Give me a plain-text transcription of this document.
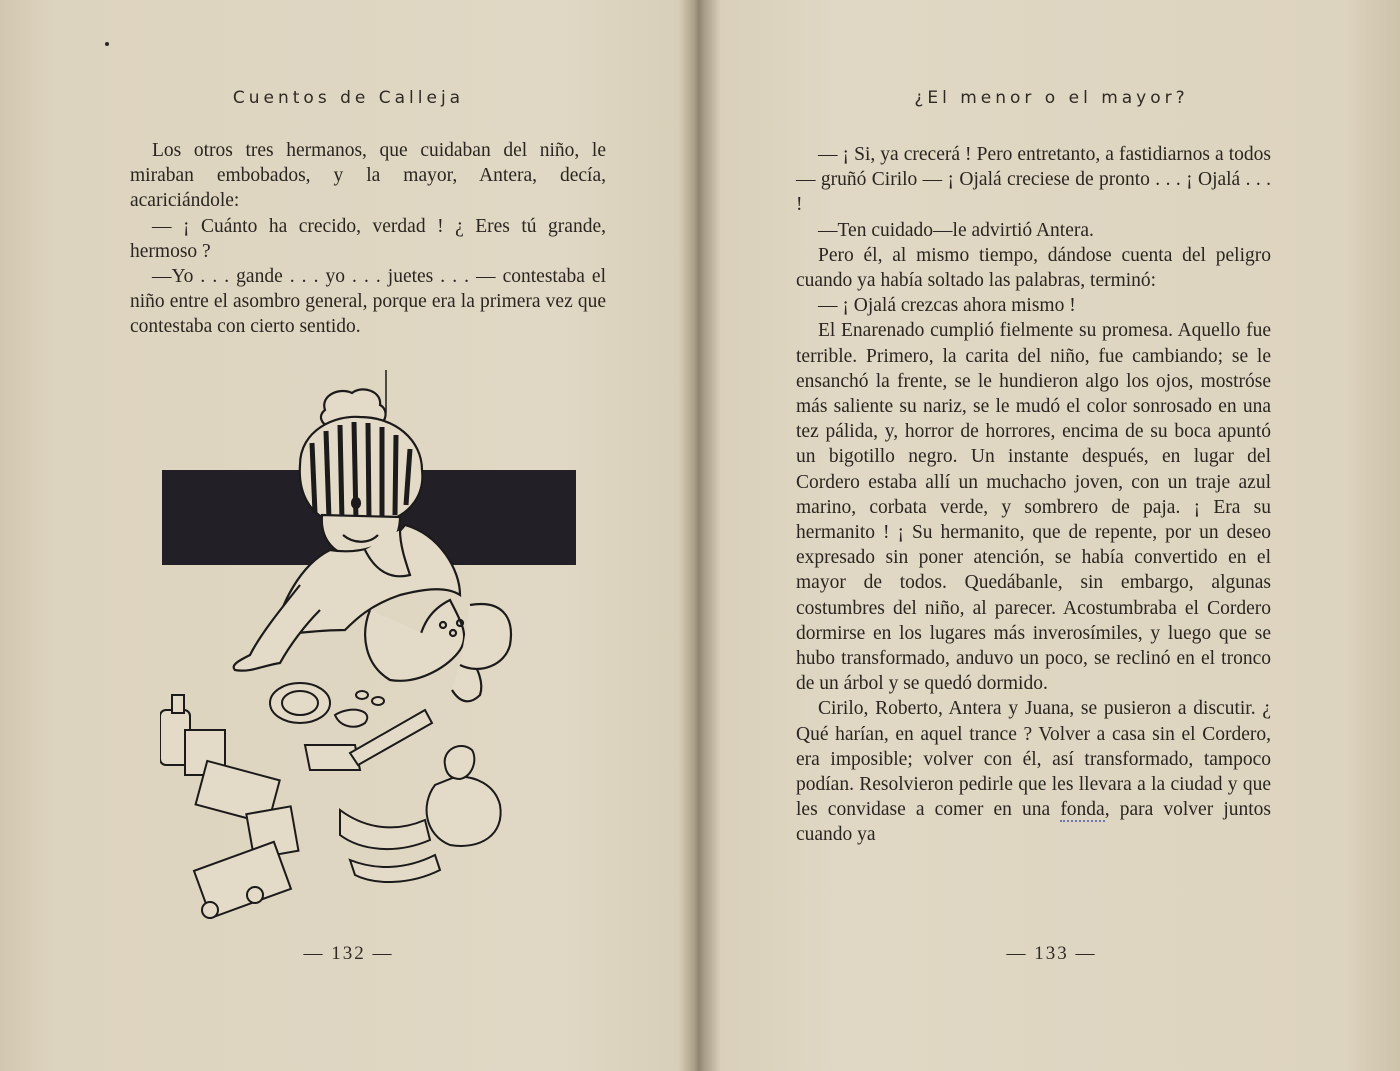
Cuentos de Calleja

Los otros tres hermanos, que cuidaban del niño, le miraban embobados, y la mayor, Antera, decía, acariciándole:

— ¡ Cuánto ha crecido, verdad ! ¿ Eres tú grande, hermoso ?

—Yo . . . gande . . . yo . . . juetes . . . — contestaba el niño entre el asombro general, porque era la primera vez que contestaba con cierto sentido.

— 132 —
¿El menor o el mayor?

— ¡ Si, ya crecerá ! Pero entretanto, a fastidiarnos a todos — gruñó Cirilo — ¡ Ojalá creciese de pronto . . . ¡ Ojalá . . . !

—Ten cuidado—le advirtió Antera.

Pero él, al mismo tiempo, dándose cuenta del peligro cuando ya había soltado las palabras, terminó:

— ¡ Ojalá crezcas ahora mismo !

El Enarenado cumplió fielmente su promesa. Aquello fue terrible. Primero, la carita del niño, fue cambiando; se le ensanchó la frente, se le hundieron algo los ojos, mostróse más saliente su nariz, se le mudó el color sonrosado en una tez pálida, y, horror de horrores, encima de su boca apuntó un bigotillo negro. Un instante después, en lugar del Cordero estaba allí un muchacho joven, con un traje azul marino, corbata verde, y sombrero de paja. ¡ Era su hermanito ! ¡ Su hermanito, que de repente, por un deseo expresado sin poner atención, se había convertido en el mayor de todos. Quedábanle, sin embargo, algunas costumbres del niño, al parecer. Acostumbraba el Cordero dormirse en los lugares más inverosímiles, y luego que se hubo transformado, anduvo un poco, se reclinó en el tronco de un árbol y se quedó dormido.

Cirilo, Roberto, Antera y Juana, se pusieron a discutir. ¿ Qué harían, en aquel trance ? Volver a casa sin el Cordero, era imposible; volver con él, así transformado, tampoco podían. Resolvieron pedirle que les llevara a la ciudad y que les convidase a comer en una fonda, para volver juntos cuando ya

— 133 —
